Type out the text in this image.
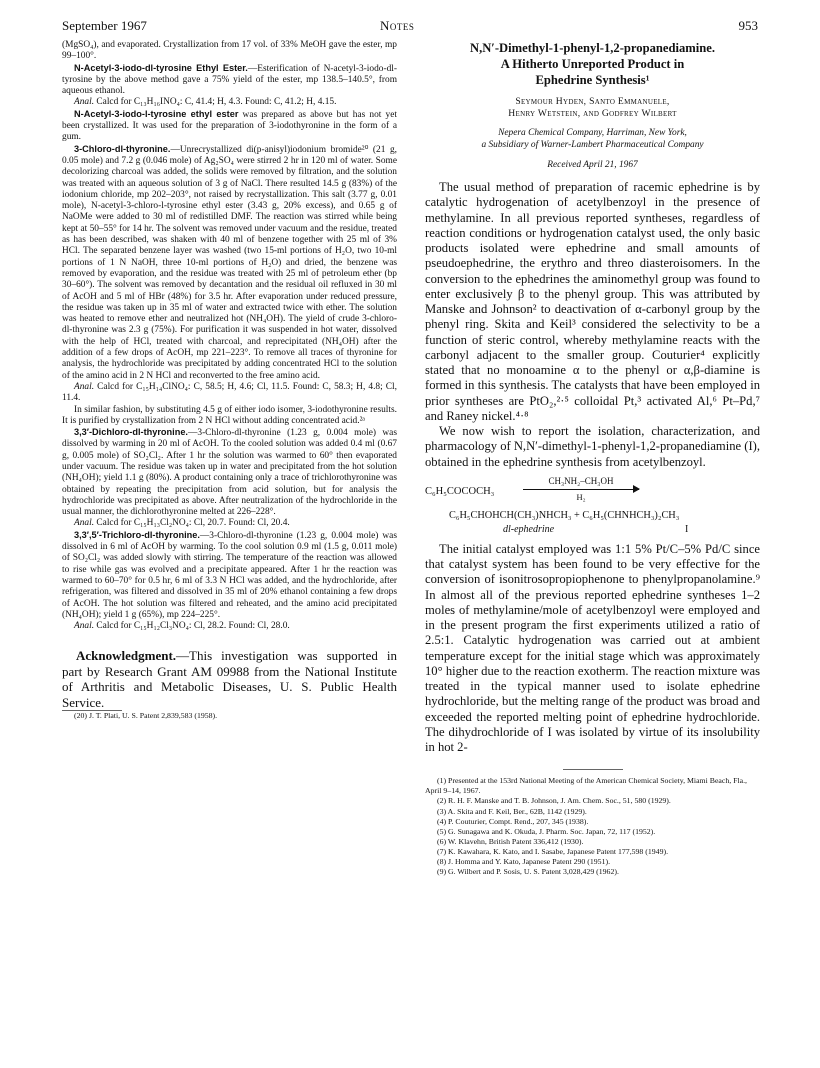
September 1967	Notes	953

(MgSO₄), and evaporated. Crystallization from 17 vol. of 33% MeOH gave the ester, mp 99–100°.

N-Acetyl-3-iodo-dl-tyrosine Ethyl Ester.—Esterification of N-acetyl-3-iodo-dl-tyrosine by the above method gave a 75% yield of the ester, mp 138.5–140.5°, from aqueous ethanol.

Anal. Calcd for C₁₃H₁₆INO₄: C, 41.4; H, 4.3. Found: C, 41.2; H, 4.15.

N-Acetyl-3-iodo-l-tyrosine ethyl ester was prepared as above but has not yet been crystallized. It was used for the preparation of 3-iodothyronine in the form of a gum.

3-Chloro-dl-thyronine.—Unrecrystallized di(p-anisyl)iodonium bromide²⁰ (21 g, 0.05 mole) and 7.2 g (0.046 mole) of Ag₂SO₄ were stirred 2 hr in 120 ml of water. Some decolorizing charcoal was added, the solids were removed by filtration, and the solution was treated with an aqueous solution of 3 g of NaCl. There resulted 14.5 g (83%) of the iodonium chloride, mp 202–203°, not raised by recrystallization. This salt (3.77 g, 0.01 mole), N-acetyl-3-chloro-l-tyrosine ethyl ester (3.43 g, 20% excess), and 0.65 g of NaOMe were added to 30 ml of redistilled DMF. The reaction was stirred while being kept at 50–55° for 14 hr. The solvent was removed under vacuum and the residue, treated as has been described, was shaken with 40 ml of benzene together with 25 ml of 3% HCl. The separated benzene layer was washed (two 15-ml portions of H₂O, two 10-ml portions of 1 N NaOH, three 10-ml portions of H₂O) and dried, the benzene was removed by evaporation, and the residue was treated with 25 ml of petroleum ether (bp 30–60°). The solvent was removed by decantation and the residual oil refluxed in 30 ml of AcOH and 5 ml of HBr (48%) for 3.5 hr. After evaporation under reduced pressure, the residue was taken up in 35 ml of water and extracted twice with ether. The solution was heated to remove ether and neutralized hot (NH₄OH). The yield of crude 3-chloro-dl-thyronine was 2.3 g (75%). For purification it was suspended in hot water, dissolved with the help of HCl, treated with charcoal, and reprecipitated (NH₄OH) after the addition of a few drops of AcOH, mp 221–223°. To remove all traces of thyronine for analysis, the hydrochloride was precipitated by adding concentrated HCl to the solution of the amino acid in 2 N HCl and reconverted to the free amino acid.

Anal. Calcd for C₁₅H₁₄ClNO₄: C, 58.5; H, 4.6; Cl, 11.5. Found: C, 58.3; H, 4.8; Cl, 11.4.

In similar fashion, by substituting 4.5 g of either iodo isomer, 3-iodothyronine results. It is purified by crystallization from 2 N HCl without adding concentrated acid.²ᵃ

3,3′-Dichloro-dl-thyronine.—3-Chloro-dl-thyronine (1.23 g, 0.004 mole) was dissolved by warming in 20 ml of AcOH. To the cooled solution was added 0.4 ml (0.67 g, 0.005 mole) of SO₂Cl₂. After 1 hr the solution was warmed to 60° then evaporated under vacuum. The residue was taken up in water and precipitated from the hot solution (NH₄OH); yield 1.1 g (80%). A product containing only a trace of trichlorothyronine was obtained by repeating the precipitation from acid solution, but for analysis the hydrochloride was precipitated as above. After neutralization of the hydrochloride in the usual manner, the dichlorothyronine melted at 226–228°.

Anal. Calcd for C₁₅H₁₃Cl₂NO₄: Cl, 20.7. Found: Cl, 20.4.

3,3′,5′-Trichloro-dl-thyronine.—3-Chloro-dl-thyronine (1.23 g, 0.004 mole) was dissolved in 6 ml of AcOH by warming. To the cool solution 0.9 ml (1.5 g, 0.011 mole) of SO₂Cl₂ was added slowly with stirring. The temperature of the reaction was allowed to rise while gas was evolved and a precipitate appeared. After 1 hr the reaction was warmed to 60–70° for 0.5 hr, 6 ml of 3.3 N HCl was added, and the hydrochloride, after refrigeration, was filtered and dissolved in 35 ml of 20% ethanol containing a few drops of AcOH. The hot solution was filtered and reheated, and the amino acid precipitated (NH₄OH); yield 1 g (65%), mp 224–225°.

Anal. Calcd for C₁₅H₁₂Cl₃NO₄: Cl, 28.2. Found: Cl, 28.0.

Acknowledgment.—This investigation was supported in part by Research Grant AM 09988 from the National Institute of Arthritis and Metabolic Diseases, U. S. Public Health Service.

(20) J. T. Plati, U. S. Patent 2,839,583 (1958).

N,N′-Dimethyl-1-phenyl-1,2-propanediamine.

A Hitherto Unreported Product in

Ephedrine Synthesis¹

Seymour Hyden, Santo Emmanuele,
Henry Wetstein, and Godfrey Wilbert

Nepera Chemical Company, Harriman, New York,
a Subsidiary of Warner-Lambert Pharmaceutical Company

Received April 21, 1967

The usual method of preparation of racemic ephedrine is by catalytic hydrogenation of acetylbenzoyl in the presence of methylamine. In all previous reported syntheses, regardless of reaction conditions or hydrogenation catalyst used, the only basic products isolated were ephedrine and small amounts of pseudoephedrine, the erythro and threo diasteroisomers. In the conversion to the ephedrines the aminomethyl group was found to enter exclusively β to the phenyl group. This was attributed by Manske and Johnson² to deactivation of α-carbonyl group by the phenyl ring. Skita and Keil³ considered the selectivity to be a function of steric control, whereby methylamine reacts with the carbonyl adjacent to the smaller group. Couturier⁴ explicitly stated that no monoamine α to the phenyl or α,β-diamine is formed in this synthesis. The catalysts that have been employed in prior syntheses are PtO₂,²·⁵ colloidal Pt,³ activated Al,⁶ Pt–Pd,⁷ and Raney nickel.⁴·⁸

We now wish to report the isolation, characterization, and pharmacology of N,N′-dimethyl-1-phenyl-1,2-propanediamine (I), obtained in the ephedrine synthesis from acetylbenzoyl.

C₆H₅COCOCH₃
CH₃NH₂–CH₃OH
H₂
C₆H₅CHOHCH(CH₃)NHCH₃ + C₆H₅(CHNHCH₃)₂CH₃
dl-ephedrine	I

The initial catalyst employed was 1:1 5% Pt/C–5% Pd/C since that catalyst system has been found to be very effective for the conversion of isonitrosopropiophenone to phenylpropanolamine.⁹ In almost all of the previous reported ephedrine syntheses 1–2 moles of methylamine/mole of acetylbenzoyl were employed and in the present program the first experiments utilized a ratio of 2.5:1. Catalytic hydrogenation was carried out at ambient temperature except for the initial stage which was approximately 10° higher due to the reaction exotherm. The reaction mixture was treated in the typical manner used to isolate ephedrine hydrochloride, but the melting range of the product was broad and exceeded the reported melting point of ephedrine hydrochloride. The dihydrochloride of I was isolated by virtue of its insolubility in hot 2-

(1) Presented at the 153rd National Meeting of the American Chemical Society, Miami Beach, Fla., April 9–14, 1967.

(2) R. H. F. Manske and T. B. Johnson, J. Am. Chem. Soc., 51, 580 (1929).

(3) A. Skita and F. Keil, Ber., 62B, 1142 (1929).

(4) P. Couturier, Compt. Rend., 207, 345 (1938).

(5) G. Sunagawa and K. Okuda, J. Pharm. Soc. Japan, 72, 117 (1952).

(6) W. Klavehn, British Patent 336,412 (1930).

(7) K. Kawahara, K. Kato, and I. Sasabe, Japanese Patent 177,598 (1949).

(8) J. Homma and Y. Kato, Japanese Patent 290 (1951).

(9) G. Wilbert and P. Sosis, U. S. Patent 3,028,429 (1962).
